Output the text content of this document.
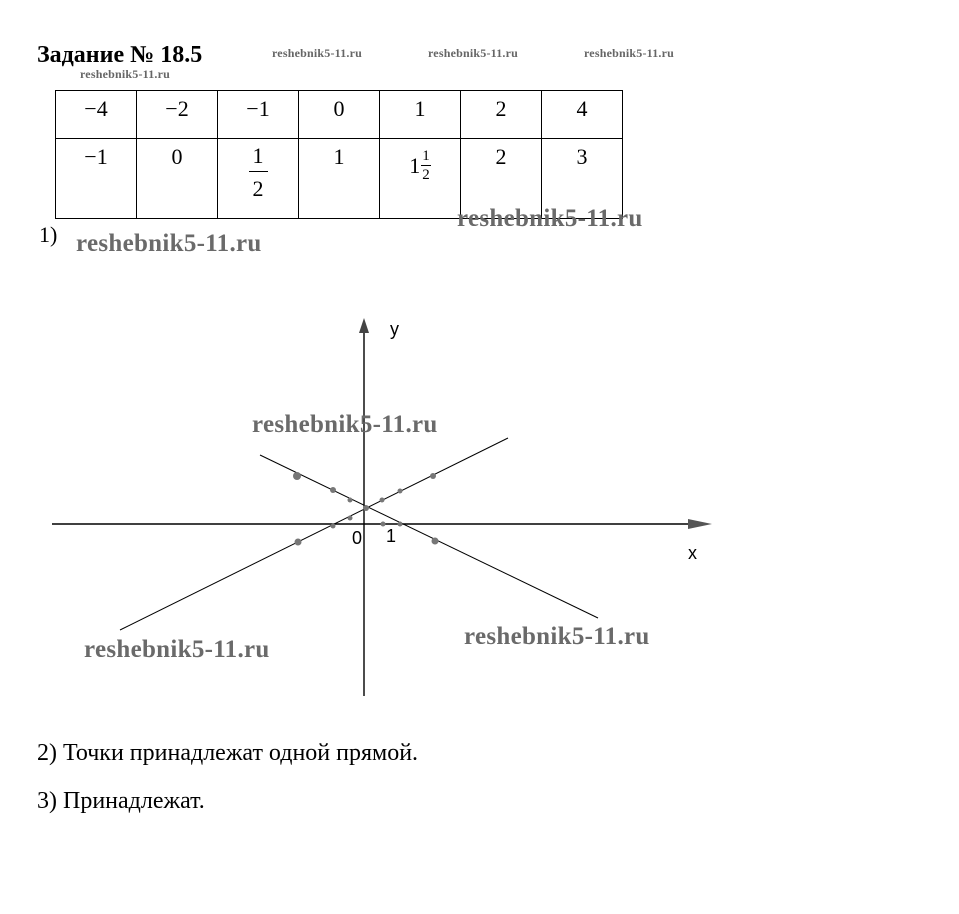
Задание № 18.5	reshebnik5-11.ru	reshebnik5-11.ru	reshebnik5-11.ru
reshebnik5-11.ru
−4	−2	−1	0	1	2	4
−1	0	$\frac{1}{2}$	1	$1 \frac{1}{2}$	2	3
1)
reshebnik5-11.ru
reshebnik5-11.ru
y
x
0 1
reshebnik5-11.ru
reshebnik5-11.ru
reshebnik5-11.ru
2) Точки принадлежат одной прямой.
3) Принадлежат.
